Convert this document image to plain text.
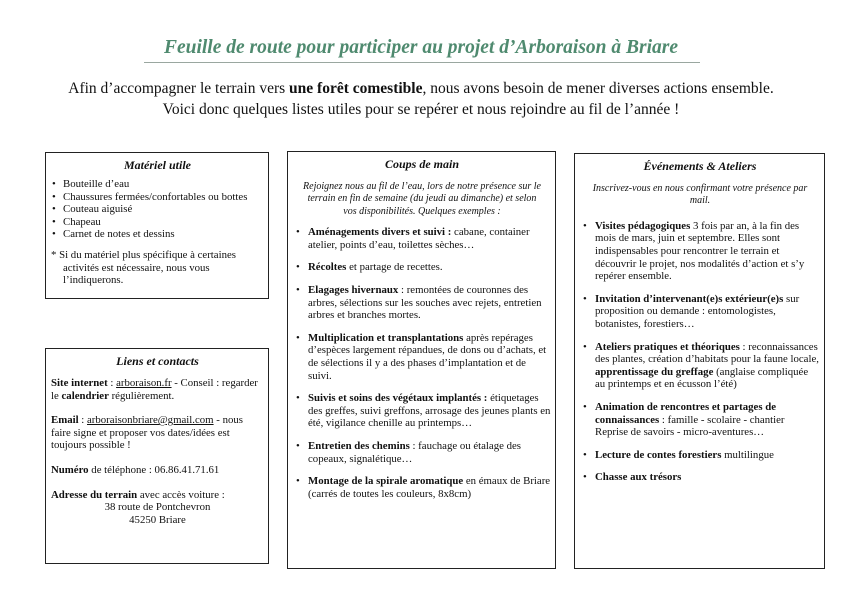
Feuille de route pour participer au projet d’Arboraison à Briare
Afin d’accompagner le terrain vers une forêt comestible, nous avons besoin de mener diverses actions ensemble.
Voici donc quelques listes utiles pour se repérer et nous rejoindre au fil de l’année !
Matériel utile
• Bouteille d’eau
• Chaussures fermées/confortables ou bottes
• Couteau aiguisé
• Chapeau
• Carnet de notes et dessins
* Si du matériel plus spécifique à certaines activités est nécessaire, nous vous l’indiquerons.
Liens et contacts
Site internet : arboraison.fr - Conseil : regarder le calendrier régulièrement.
Email : arboraisonbriare@gmail.com - nous faire signe et proposer vos dates/idées est toujours possible !
Numéro de téléphone : 06.86.41.71.61
Adresse du terrain avec accès voiture :
38 route de Pontchevron
45250 Briare
Coups de main
Rejoignez nous au fil de l’eau, lors de notre présence sur le terrain en fin de semaine (du jeudi au dimanche) et selon vos disponibilités. Quelques exemples :
• Aménagements divers et suivi : cabane, container atelier, points d’eau, toilettes sèches…
• Récoltes et partage de recettes.
• Elagages hivernaux : remontées de couronnes des arbres, sélections sur les souches avec rejets, entretien arbres et branches mortes.
• Multiplication et transplantations après repérages d’espèces largement répandues, de dons ou d’achats, et de sélections il y a des phases d’implantation et de suivi.
• Suivis et soins des végétaux implantés : étiquetages des greffes, suivi greffons, arrosage des jeunes plants en été, vigilance chenille au printemps…
• Entretien des chemins : fauchage ou étalage des copeaux, signalétique…
• Montage de la spirale aromatique en émaux de Briare (carrés de toutes les couleurs, 8x8cm)
Événements & Ateliers
Inscrivez-vous en nous confirmant votre présence par mail.
• Visites pédagogiques 3 fois par an, à la fin des mois de mars, juin et septembre. Elles sont indispensables pour rencontrer le terrain et découvrir le projet, nos modalités d’action et s’y repérer ensemble.
• Invitation d’intervenant(e)s extérieur(e)s sur proposition ou demande : entomologistes, botanistes, forestiers…
• Ateliers pratiques et théoriques : reconnaissances des plantes, création d’habitats pour la faune locale, apprentissage du greffage (anglaise compliquée au printemps et en écusson l’été)
• Animation de rencontres et partages de connaissances : famille - scolaire - chantier Reprise de savoirs - micro-aventures…
• Lecture de contes forestiers multilingue
• Chasse aux trésors
